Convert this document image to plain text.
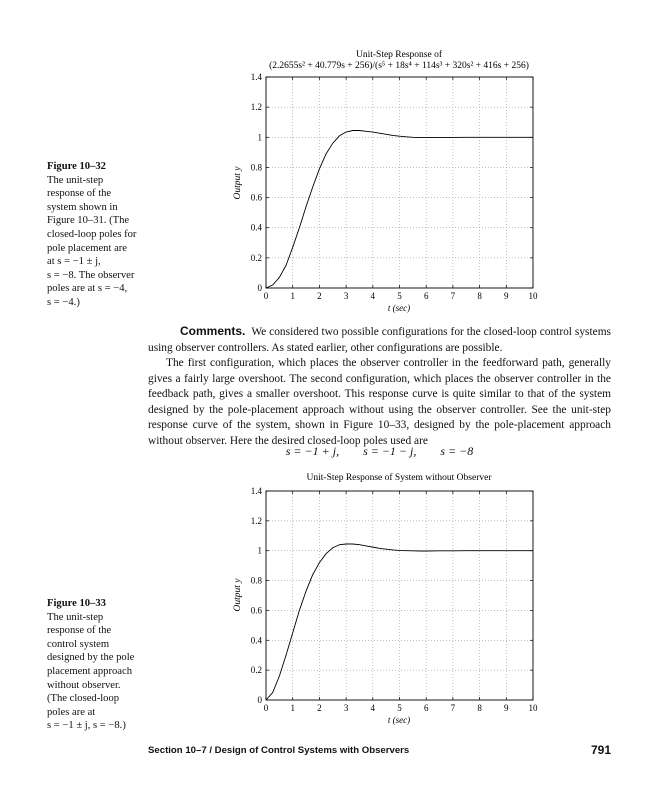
Figure 10–32
The unit-step
response of the
system shown in
Figure 10–31. (The
closed-loop poles for
pole placement are
at s = −1 ± j,
s = −8. The observer
poles are at s = −4,
s = −4.)
Unit-Step Response of
(2.2655s² + 40.779s + 256)/(s⁵ + 18s⁴ + 114s³ + 320s² + 416s + 256)
Output y
t (sec)
0 1 2 3 4 5 6 7 8 9 10
0
0.2
0.4
0.6
0.8
1
1.2
1.4

Comments. We considered two possible configurations for the closed-loop control systems using observer controllers. As stated earlier, other configurations are possible.

The first configuration, which places the observer controller in the feedforward path, generally gives a fairly large overshoot. The second configuration, which places the observer controller in the feedback path, gives a smaller overshoot. This response curve is quite similar to that of the system designed by the pole-placement approach without using the observer controller. See the unit-step response curve of the system, shown in Figure 10–33, designed by the pole-placement approach without observer. Here the desired closed-loop poles used are

s = −1 + j, s = −1 − j, s = −8
Figure 10–33
The unit-step
response of the
control system
designed by the pole
placement approach
without observer.
(The closed-loop
poles are at
s = −1 ± j, s = −8.)
Unit-Step Response of System without Observer
Output y
t (sec)
0 1 2 3 4 5 6 7 8 9 10
0
0.2
0.4
0.6
0.8
1
1.2
1.4
Section 10–7 / Design of Control Systems with Observers	791
